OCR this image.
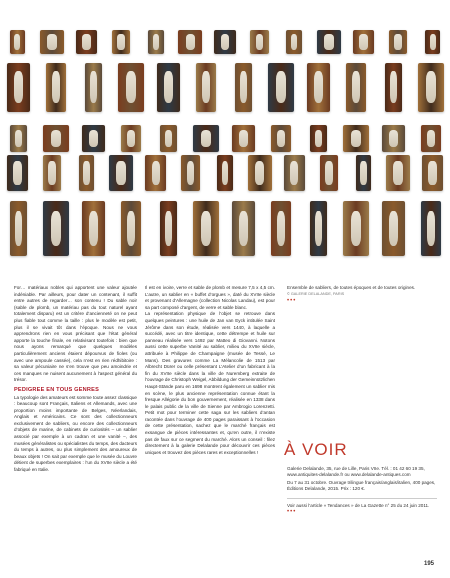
For… matériaux nobles qui apportent une valeur ajoutée indéniable. Par ailleurs, pour dater un contenant, il suffit entre autres de regarder… son contenu ! Du sable noir (sable de plomb, un matériau pas du tout naturel ayant totalement disparu) est un critère d’ancienneté on ne peut plus fiable tout comme la taille : plus le modèle est petit, plus il se vivait tôt dans l’époque. Nous ne vous apprendrons rien en vous précisant que l’état général apporte la touche finale, en relativisant toutefois : bien que nous ayons remarqué que quelques modèles particulièrement anciens étaient dépourvus de fioles (ou avec une ampoule cassée), cela n’est en rien rédhibitoire : sa valeur pécuniaire ne s’en trouve que peu amoindrie et ces manques ne nuisent aucunement à l’aspect général du trésor.

PEDIGREE EN TOUS GENRES

La typologie des amateurs est somme toute assez classique : beaucoup sont Français, Italiens et Allemands, avec une proportion moins importante de Belges, Néerlandais, Anglais et Américains. Ce sont des collectionneurs exclusivement de sabliers, ou encore des collectionneurs d’objets de marine, de cabinets de curiosités – un sablier associé par exemple à un cadran et une vanité –, des musées généralistes ou spécialistes du temps, des dacteurs du temps à autres, ou plus simplement des amoureux de beaux objets ! On sait par exemple que le musée du Louvre détient de superbes exemplaires : l’un du XVIIe siècle a été fabriqué en Italie.

Il est en ivoire, verre et sable de plomb et mesure 7,5 x 4,5 cm. L’autre, un sablier en « buffet d’orgues », daté du XVIIe siècle et provenant d’Allemagne (collection Nicolas Landau), est pour sa part composé d’argent, de verre et sable blanc.

La représentation physique de l’objet se retrouve dans quelques peintures : une huile de Jan van Eyck intitulée Saint Jérôme dans son étude, réalisée vers 1440, à laquelle a succédé, avec un titre identique, cette détrempe et huile sur panneau réalisée vers 1492 par Matteo di Giovanni. Notons aussi cette superbe Vanité au sablier, milieu du XVIIe siècle, attribuée à Philippe de Champaigne (musée de Tessé, Le Mans). Des gravures comme La Mélancolie de 1513 par Albrecht Dürer ou celle présentant L’Atelier d’un fabricant à la fin du XVIIe siècle dans la ville de Nuremberg extraite de l’ouvrage de Christoph Weigel, Abbildung der Gemeinnützlichen Haupt-Stände paru en 1698 montrent également un sablier mis en scène, le plus ancienne représentation connue étant la fresque Allégorie du bon gouvernement, réalisée en 1338 dans le palais public de la ville de Sienne par Ambrogio Lorenzetti. Petit mot pour terminer cette saga sur les sabliers d’antan racontée dans l’ouvrage de 400 pages paraissant à l’occasion de cette présentation, sachez que le marché français est exsangue de pièces intéressantes et, qu’en outre, il n’existe pas de faux sur ce segment du marché. Alors un conseil : filez directement à la galerie Delalande pour découvrir ces pièces uniques et trouvez des pièces rares et exceptionnelles !

Ensemble de sabliers, de toutes époques et de toutes origines.
© GALERIE DELALANDE, PARIS
•••
À VOIR
Galerie Delalande, 35, rue de Lille, Paris VIIe. Tél. : 01 42 60 19 35, www.antiquites-delalande.fr ou www.delalande-antiques.com
Du 7 au 31 octobre. Ouvrage trilingue français/anglais/italien, 400 pages, Éditions Delalande, 2015. Prix : 120 €.
Voir aussi l’article « Tendances » de La Gazette n° 25 du 24 juin 2011.
•••
195
